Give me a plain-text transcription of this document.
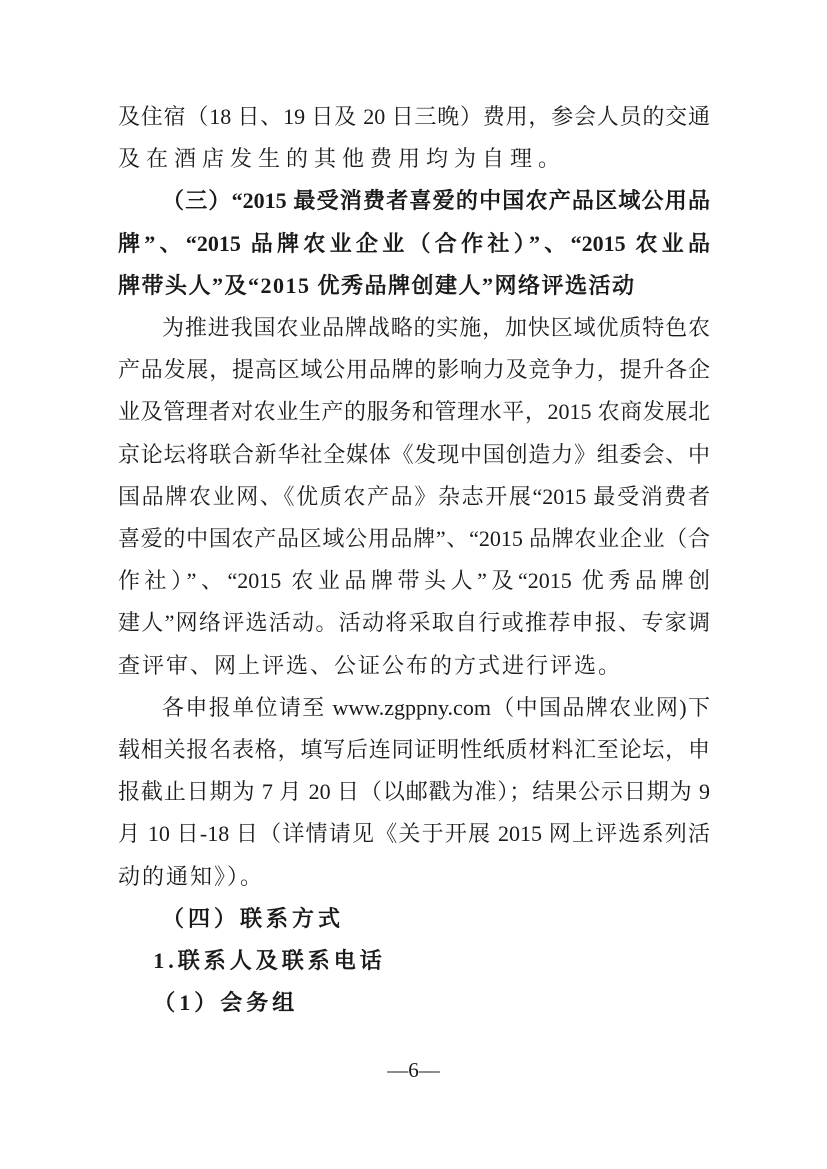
及住宿（18 日、19 日及 20 日三晚）费用，参会人员的交通
及在酒店发生的其他费用均为自理。
（三）“2015 最受消费者喜爱的中国农产品区域公用品
牌”、“2015 品牌农业企业（合作社）”、“2015 农业品
牌带头人”及“2015 优秀品牌创建人”网络评选活动
为推进我国农业品牌战略的实施，加快区域优质特色农
产品发展，提高区域公用品牌的影响力及竞争力，提升各企
业及管理者对农业生产的服务和管理水平，2015 农商发展北
京论坛将联合新华社全媒体《发现中国创造力》组委会、中
国品牌农业网、《优质农产品》杂志开展“2015 最受消费者
喜爱的中国农产品区域公用品牌”、“2015 品牌农业企业（合
作社）”、“2015 农业品牌带头人”及“2015 优秀品牌创
建人”网络评选活动。活动将采取自行或推荐申报、专家调
查评审、网上评选、公证公布的方式进行评选。
各申报单位请至 www.zgppny.com（中国品牌农业网)下
载相关报名表格，填写后连同证明性纸质材料汇至论坛，申
报截止日期为 7 月 20 日（以邮戳为准）；结果公示日期为 9
月 10 日-18 日（详情请见《关于开展 2015 网上评选系列活
动的通知》）。
（四）联系方式
1.联系人及联系电话
（1）会务组
—6—
